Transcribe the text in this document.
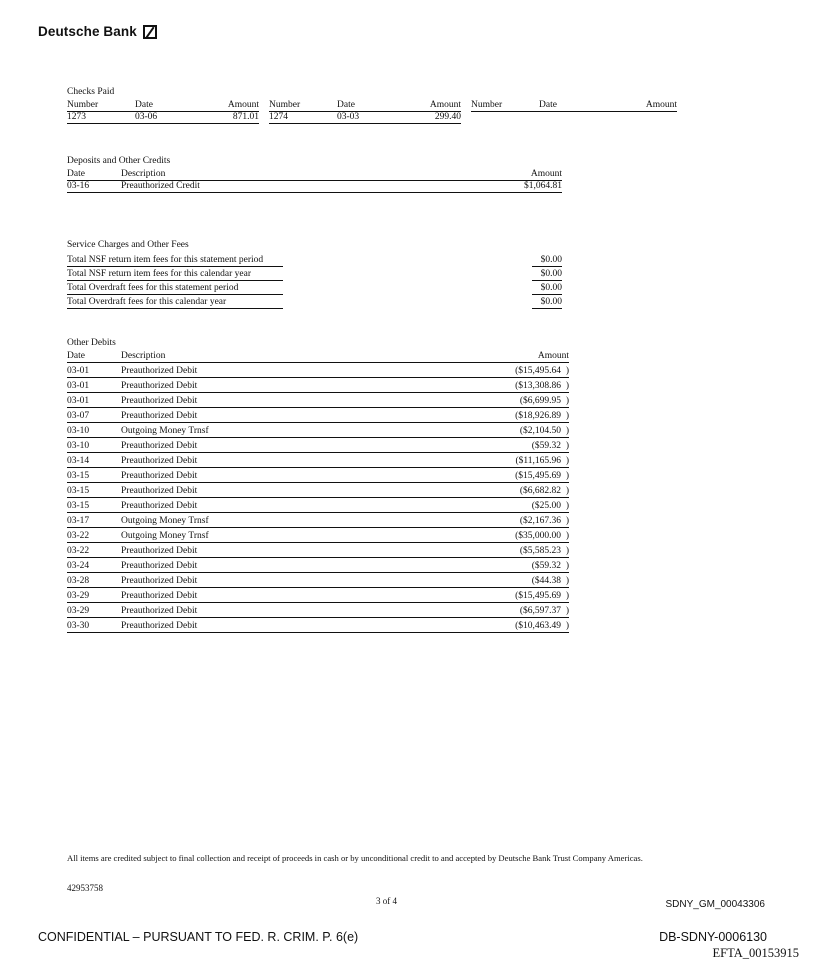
Deutsche Bank
Checks Paid
Number	Date	Amount Number	Date	Amount Number	Date	Amount
1273	03-06	871.01 1274	03-03	299.40
Deposits and Other Credits
Date	Description	Amount
03-16	Preauthorized Credit	$1,064.81
Service Charges and Other Fees
Total NSF return item fees for this statement period	$0.00
Total NSF return item fees for this calendar year	$0.00
Total Overdraft fees for this statement period	$0.00
Total Overdraft fees for this calendar year	$0.00
Other Debits
Date	Description	Amount
03-01	Preauthorized Debit	($15,495.64 )
03-01	Preauthorized Debit	($13,308.86 )
03-01	Preauthorized Debit	($6,699.95 )
03-07	Preauthorized Debit	($18,926.89 )
03-10	Outgoing Money Trnsf	($2,104.50 )
03-10	Preauthorized Debit	($59.32 )
03-14	Preauthorized Debit	($11,165.96 )
03-15	Preauthorized Debit	($15,495.69 )
03-15	Preauthorized Debit	($6,682.82 )
03-15	Preauthorized Debit	($25.00 )
03-17	Outgoing Money Trnsf	($2,167.36 )
03-22	Outgoing Money Trnsf	($35,000.00 )
03-22	Preauthorized Debit	($5,585.23 )
03-24	Preauthorized Debit	($59.32 )
03-28	Preauthorized Debit	($44.38 )
03-29	Preauthorized Debit	($15,495.69 )
03-29	Preauthorized Debit	($6,597.37 )
03-30	Preauthorized Debit	($10,463.49 )
All items are credited subject to final collection and receipt of proceeds in cash or by unconditional credit to and accepted by Deutsche Bank Trust Company Americas.
42953758
3 of 4	SDNY_GM_00043306
CONFIDENTIAL – PURSUANT TO FED. R. CRIM. P. 6(e)	DB-SDNY-0006130
EFTA_00153915
